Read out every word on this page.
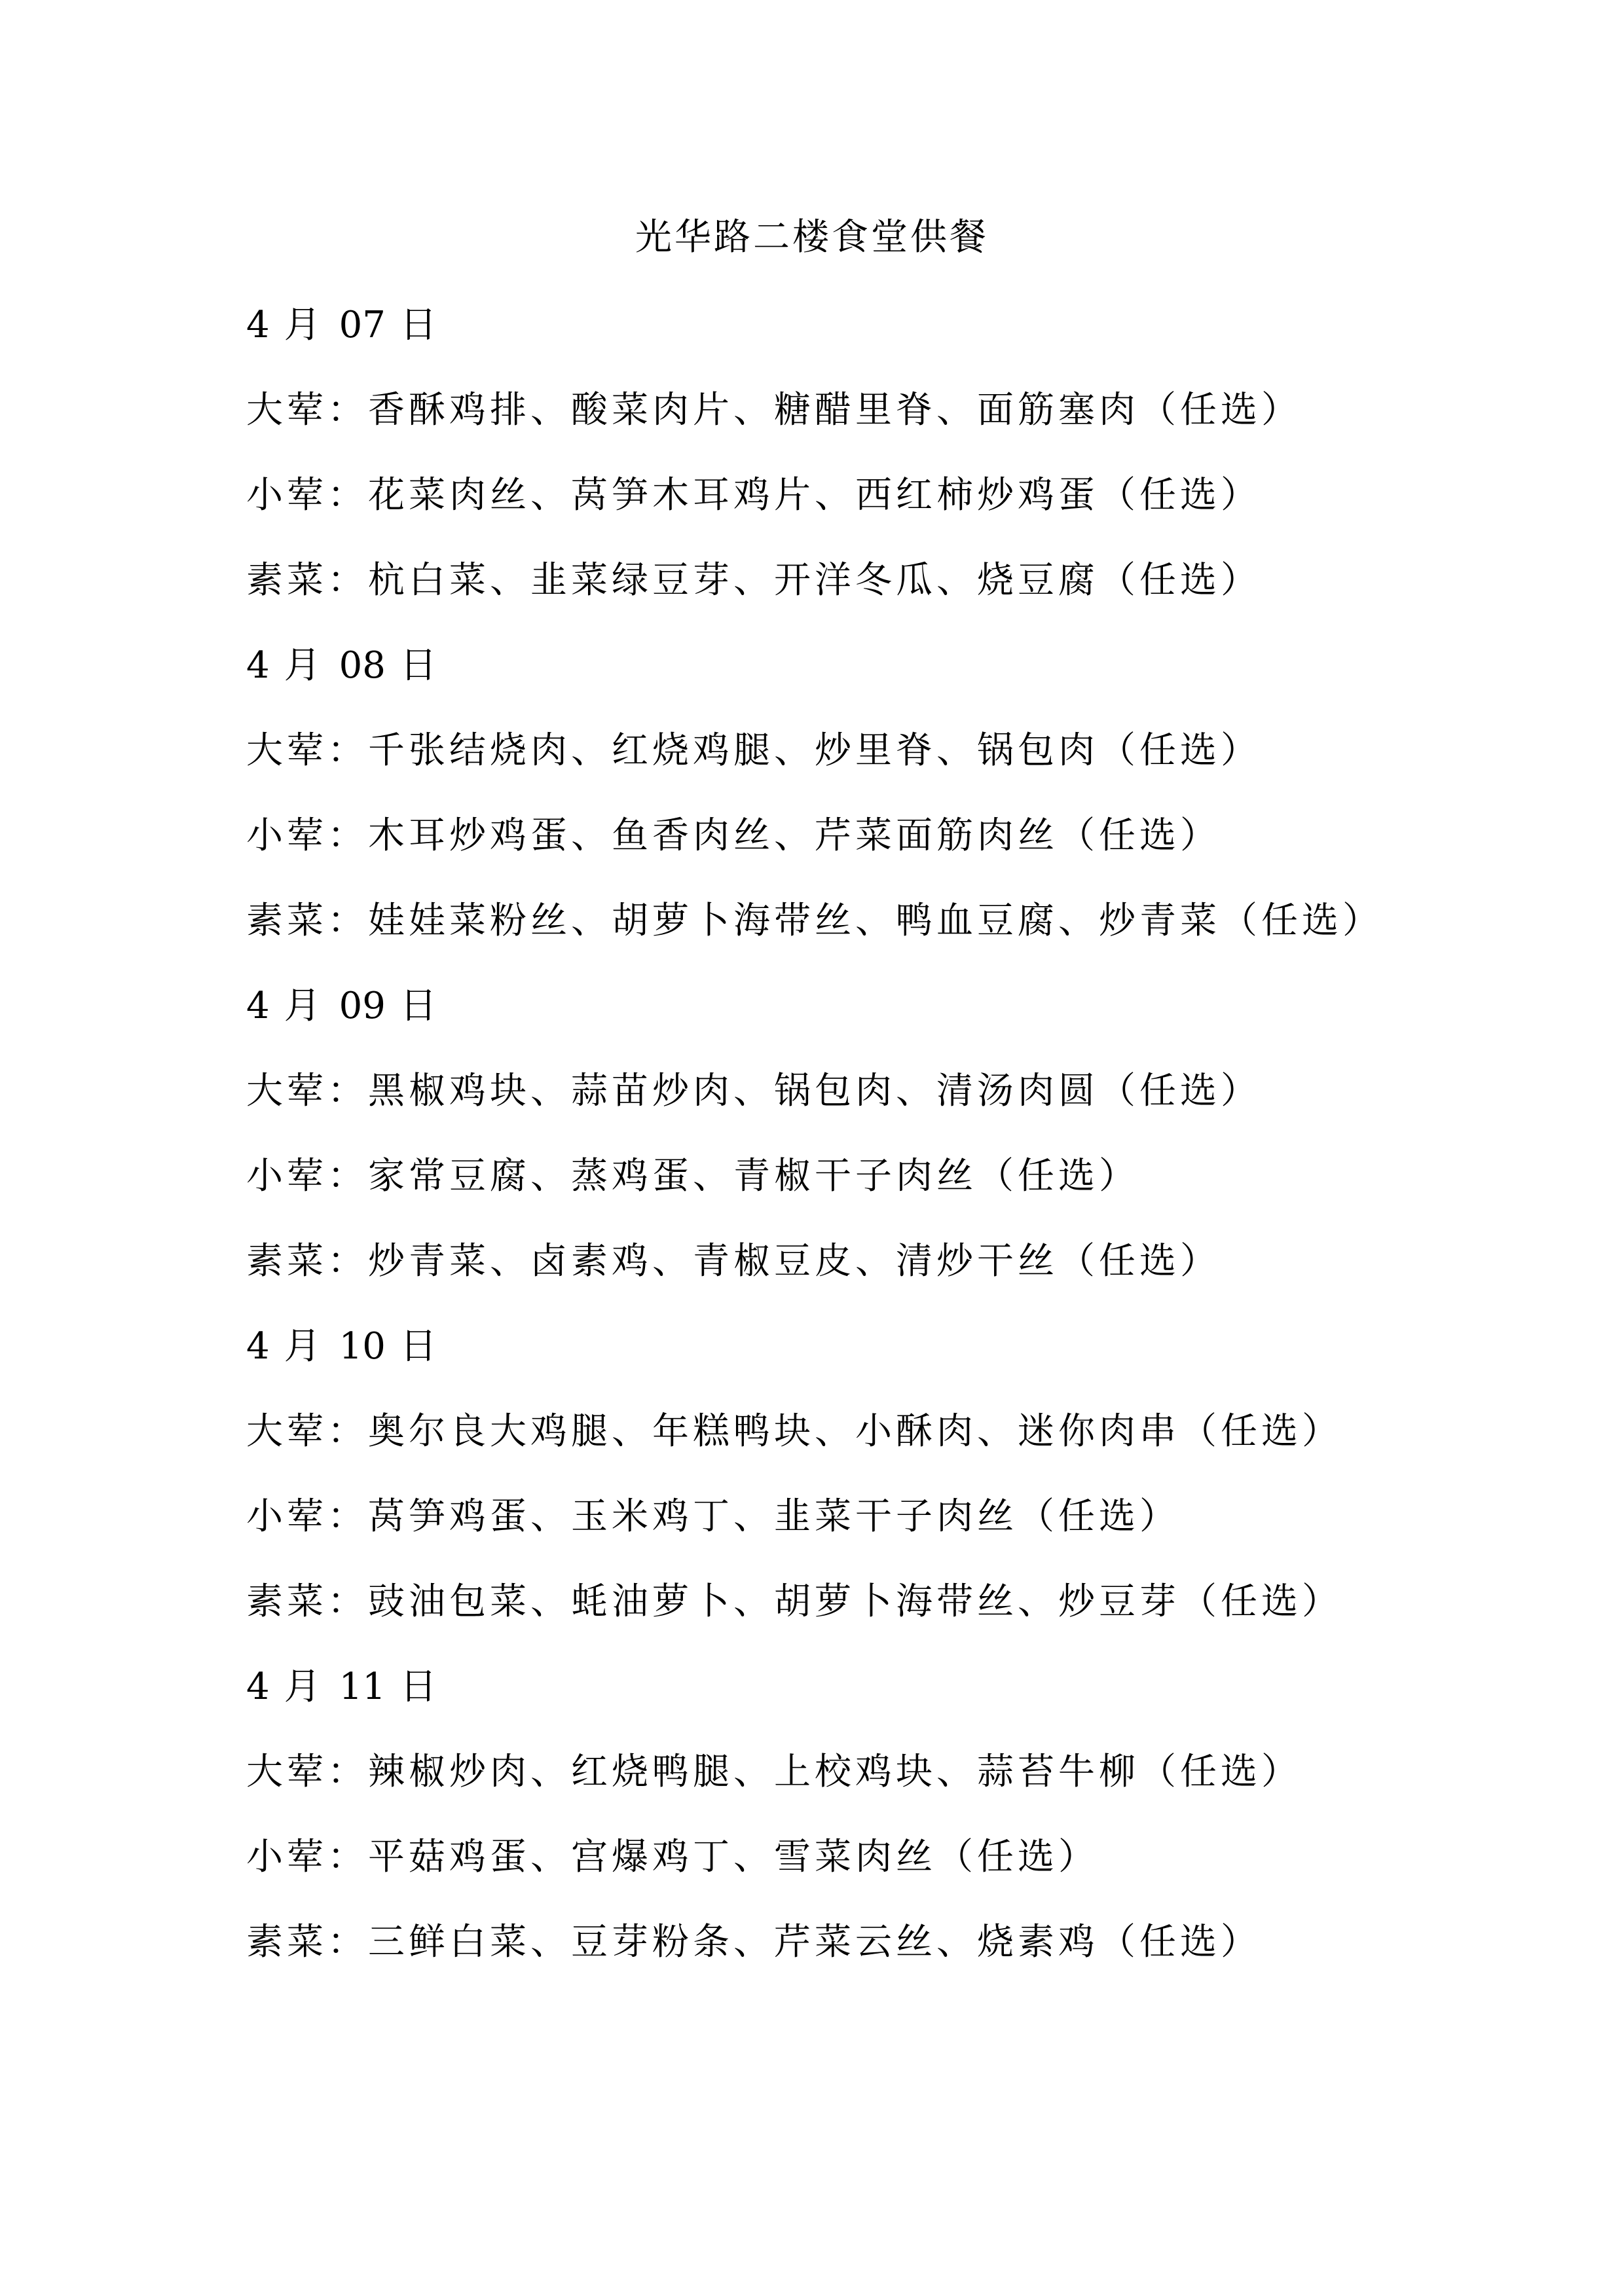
光华路二楼食堂供餐
4 月 07 日
大荤：香酥鸡排、酸菜肉片、糖醋里脊、面筋塞肉（任选）
小荤：花菜肉丝、莴笋木耳鸡片、西红柿炒鸡蛋（任选）
素菜：杭白菜、韭菜绿豆芽、开洋冬瓜、烧豆腐（任选）
4 月 08 日
大荤：千张结烧肉、红烧鸡腿、炒里脊、锅包肉（任选）
小荤：木耳炒鸡蛋、鱼香肉丝、芹菜面筋肉丝（任选）
素菜：娃娃菜粉丝、胡萝卜海带丝、鸭血豆腐、炒青菜（任选）
4 月 09 日
大荤：黑椒鸡块、蒜苗炒肉、锅包肉、清汤肉圆（任选）
小荤：家常豆腐、蒸鸡蛋、青椒干子肉丝（任选）
素菜：炒青菜、卤素鸡、青椒豆皮、清炒干丝（任选）
4 月 10 日
大荤：奥尔良大鸡腿、年糕鸭块、小酥肉、迷你肉串（任选）
小荤：莴笋鸡蛋、玉米鸡丁、韭菜干子肉丝（任选）
素菜：豉油包菜、蚝油萝卜、胡萝卜海带丝、炒豆芽（任选）
4 月 11 日
大荤：辣椒炒肉、红烧鸭腿、上校鸡块、蒜苔牛柳（任选）
小荤：平菇鸡蛋、宫爆鸡丁、雪菜肉丝（任选）
素菜：三鲜白菜、豆芽粉条、芹菜云丝、烧素鸡（任选）
